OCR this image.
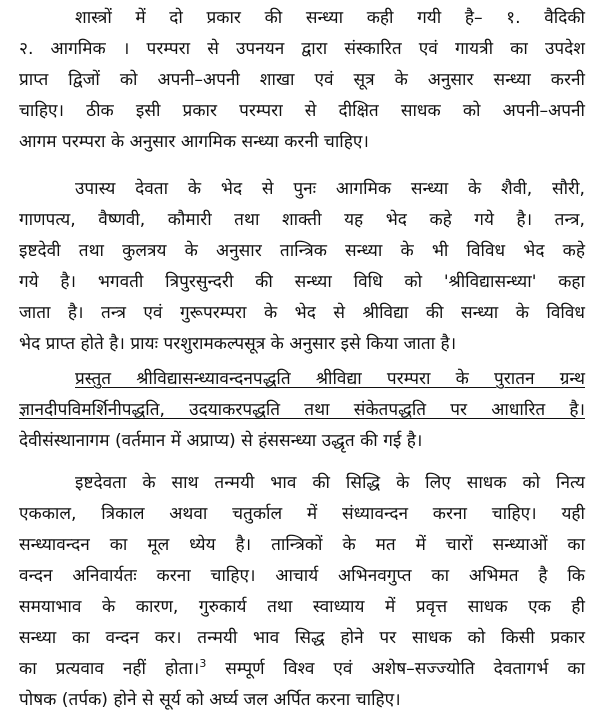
शास्त्रों में दो प्रकार की सन्ध्या कही गयी है– १. वैदिकी
२. आगमिक । परम्परा से उपनयन द्वारा संस्कारित एवं गायत्री का उपदेश
प्राप्त द्विजों को अपनी–अपनी शाखा एवं सूत्र के अनुसार सन्ध्या करनी
चाहिए। ठीक इसी प्रकार परम्परा से दीक्षित साधक को अपनी–अपनी
आगम परम्परा के अनुसार आगमिक सन्ध्या करनी चाहिए।
उपास्य देवता के भेद से पुनः आगमिक सन्ध्या के शैवी, सौरी,
गाणपत्य, वैष्णवी, कौमारी तथा शाक्ती यह भेद कहे गये है। तन्त्र,
इष्टदेवी तथा कुलत्रय के अनुसार तान्त्रिक सन्ध्या के भी विविध भेद कहे
गये है। भगवती त्रिपुरसुन्दरी की सन्ध्या विधि को 'श्रीविद्यासन्ध्या' कहा
जाता है। तन्त्र एवं गुरूपरम्परा के भेद से श्रीविद्या की सन्ध्या के विविध
भेद प्राप्त होते है। प्रायः परशुरामकल्पसूत्र के अनुसार इसे किया जाता है।
प्रस्तुत श्रीविद्यासन्ध्यावन्दनपद्धति श्रीविद्या परम्परा के पुरातन ग्रन्थ
ज्ञानदीपविमर्शिनीपद्धति, उदयाकरपद्धति तथा संकेतपद्धति पर आधारित है।
देवीसंस्थानागम (वर्तमान में अप्राप्य) से हंससन्ध्या उद्धृत की गई है।
इष्टदेवता के साथ तन्मयी भाव की सिद्धि के लिए साधक को नित्य
एककाल, त्रिकाल अथवा चतुर्काल में संध्यावन्दन करना चाहिए। यही
सन्ध्यावन्दन का मूल ध्येय है। तान्त्रिकों के मत में चारों सन्ध्याओं का
वन्दन अनिवार्यतः करना चाहिए। आचार्य अभिनवगुप्त का अभिमत है कि
समयाभाव के कारण, गुरुकार्य तथा स्वाध्याय में प्रवृत्त साधक एक ही
सन्ध्या का वन्दन कर। तन्मयी भाव सिद्ध होने पर साधक को किसी प्रकार
का प्रत्यवाव नहीं होता।$^3$ सम्पूर्ण विश्व एवं अशेष–सज्ज्योति देवतागर्भ का
पोषक (तर्पक) होने से सूर्य को अर्घ्य जल अर्पित करना चाहिए।
